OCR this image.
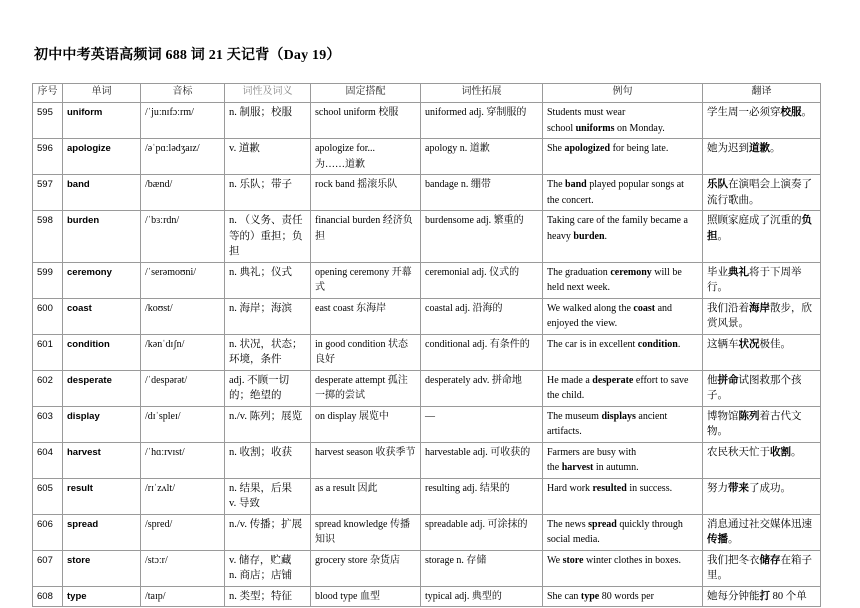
初中中考英语高频词 688 词 21 天记背（Day 19）
序号	单词	音标	词性及词义	固定搭配	词性拓展	例句	翻译
595	uniform	/ˈjuːnɪfɔːrm/	n. 制服；校服	school uniform 校服	uniformed adj. 穿制服的	Students must wear
school uniforms on Monday.	学生周一必须穿校服。
596	apologize	/əˈpɑːlədʒaɪz/	v. 道歉	apologize for...
为……道歉	apology n. 道歉	She apologized for being late.	她为迟到道歉。
597	band	/bænd/	n. 乐队；带子	rock band 摇滚乐队	bandage n. 绷带	The band played popular songs at the concert.	乐队在演唱会上演奏了流行歌曲。
598	burden	/ˈbɜːrdn/	n. （义务、责任等的）重担；负担	financial burden 经济负担	burdensome adj. 繁重的	Taking care of the family became a heavy burden.	照顾家庭成了沉重的负担。
599	ceremony	/ˈserəmoʊni/	n. 典礼；仪式	opening ceremony 开幕式	ceremonial adj. 仪式的	The graduation ceremony will be held next week.	毕业典礼将于下周举行。
600	coast	/koʊst/	n. 海岸；海滨	east coast 东海岸	coastal adj. 沿海的	We walked along the coast and enjoyed the view.	我们沿着海岸散步，欣赏风景。
601	condition	/kənˈdɪʃn/	n. 状况，状态；环境，条件	in good condition 状态良好	conditional adj. 有条件的	The car is in excellent condition.	这辆车状况极佳。
602	desperate	/ˈdespərət/	adj. 不顾一切的；绝望的	desperate attempt 孤注一掷的尝试	desperately adv. 拼命地	He made a desperate effort to save the child.	他拼命试图救那个孩子。
603	display	/dɪˈspleɪ/	n./v. 陈列；展览	on display 展览中	—	The museum displays ancient artifacts.	博物馆陈列着古代文物。
604	harvest	/ˈhɑːrvɪst/	n. 收割；收获	harvest season 收获季节	harvestable adj. 可收获的	Farmers are busy with
the harvest in autumn.	农民秋天忙于收割。
605	result	/rɪˈzʌlt/	n. 结果，后果
v. 导致	as a result 因此	resulting adj. 结果的	Hard work resulted in success.	努力带来了成功。
606	spread	/spred/	n./v. 传播；扩展	spread knowledge 传播知识	spreadable adj. 可涂抹的	The news spread quickly through social media.	消息通过社交媒体迅速传播。
607	store	/stɔːr/	v. 储存，贮藏
n. 商店；店铺	grocery store 杂货店	storage n. 存储	We store winter clothes in boxes.	我们把冬衣储存在箱子里。
608	type	/taɪp/	n. 类型；特征	blood type 血型	typical adj. 典型的	She can type 80 words per	她每分钟能打 80 个单
